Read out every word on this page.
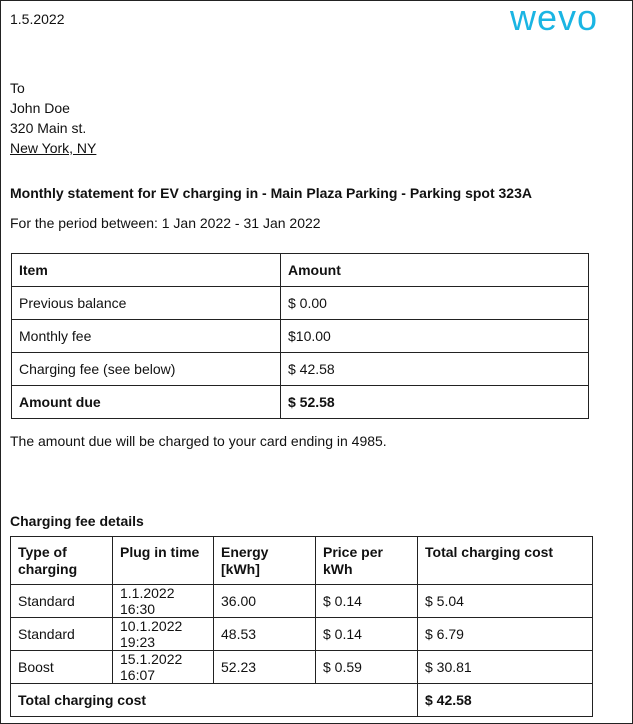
1.5.2022	wevo
To
John Doe
320 Main st.
New York, NY
Monthly statement for EV charging in - Main Plaza Parking - Parking spot 323A
For the period between: 1 Jan 2022 - 31 Jan 2022
Item	Amount
Previous balance	$ 0.00
Monthly fee	$10.00
Charging fee (see below)	$ 42.58
Amount due	$ 52.58
The amount due will be charged to your card ending in 4985.
Charging fee details
Type of charging	Plug in time	Energy [kWh]	Price per kWh	Total charging cost
Standard	1.1.2022 16:30	36.00	$ 0.14	$ 5.04
Standard	10.1.2022 19:23	48.53	$ 0.14	$ 6.79
Boost	15.1.2022 16:07	52.23	$ 0.59	$ 30.81
Total charging cost				$ 42.58
